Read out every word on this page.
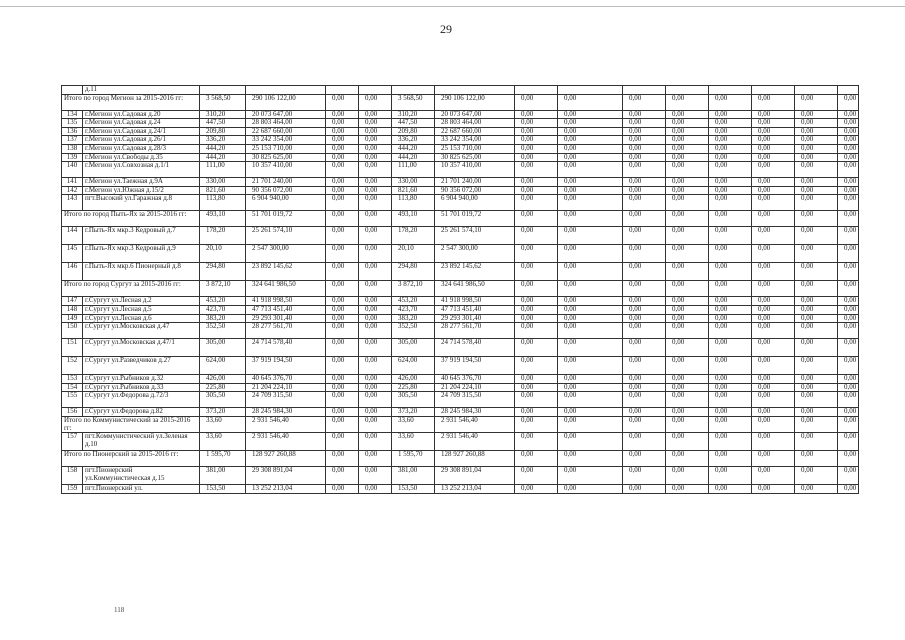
29
	д.11															
Итого по город Мегион за 2015-2016 гг:		3 568,50	290 106 122,00	0,00	0,00	3 568,50	290 106 122,00	0,00	0,00	0,00	0,00	0,00	0,00	0,00	0,00	
134	г.Мегион ул.Садовая д.20	310,20	20 073 647,00	0,00	0,00	310,20	20 073 647,00	0,00	0,00	0,00	0,00	0,00	0,00	0,00	0,00	
135	г.Мегион ул.Садовая д.24	447,50	28 803 464,00	0,00	0,00	447,50	28 803 464,00	0,00	0,00	0,00	0,00	0,00	0,00	0,00	0,00	
136	г.Мегион ул.Садовая д.24/1	209,80	22 687 660,00	0,00	0,00	209,80	22 687 660,00	0,00	0,00	0,00	0,00	0,00	0,00	0,00	0,00	
137	г.Мегион ул.Садовая д.26/1	336,20	33 242 354,00	0,00	0,00	336,20	33 242 354,00	0,00	0,00	0,00	0,00	0,00	0,00	0,00	0,00	
138	г.Мегион ул.Садовая д.28/3	444,20	25 153 710,00	0,00	0,00	444,20	25 153 710,00	0,00	0,00	0,00	0,00	0,00	0,00	0,00	0,00	
139	г.Мегион ул.Свободы д.35	444,20	30 825 625,00	0,00	0,00	444,20	30 825 625,00	0,00	0,00	0,00	0,00	0,00	0,00	0,00	0,00	
140	г.Мегион ул.Совхозная д.1/1	111,00	10 357 410,00	0,00	0,00	111,00	10 357 410,00	0,00	0,00	0,00	0,00	0,00	0,00	0,00	0,00	
141	г.Мегион ул.Таежная д.9А	330,00	21 701 240,00	0,00	0,00	330,00	21 701 240,00	0,00	0,00	0,00	0,00	0,00	0,00	0,00	0,00	
142	г.Мегион ул.Южная д.15/2	821,60	90 356 072,00	0,00	0,00	821,60	90 356 072,00	0,00	0,00	0,00	0,00	0,00	0,00	0,00	0,00	
143	пгт.Высокий ул.Гаражная д.8	113,80	6 904 940,00	0,00	0,00	113,80	6 904 940,00	0,00	0,00	0,00	0,00	0,00	0,00	0,00	0,00	
Итого по город Пыть-Ях за 2015-2016 гг:		493,10	51 701 019,72	0,00	0,00	493,10	51 701 019,72	0,00	0,00	0,00	0,00	0,00	0,00	0,00	0,00	
144	г.Пыть-Ях мкр.3 Кедровый д.7	178,20	25 261 574,10	0,00	0,00	178,20	25 261 574,10	0,00	0,00	0,00	0,00	0,00	0,00	0,00	0,00	
145	г.Пыть-Ях мкр.3 Кедровый д.9	20,10	2 547 300,00	0,00	0,00	20,10	2 547 300,00	0,00	0,00	0,00	0,00	0,00	0,00	0,00	0,00	
146	г.Пыть-Ях мкр.6 Пионерный д.8	294,80	23 892 145,62	0,00	0,00	294,80	23 892 145,62	0,00	0,00	0,00	0,00	0,00	0,00	0,00	0,00	
Итого по город Сургут за 2015-2016 гг:		3 872,10	324 641 986,50	0,00	0,00	3 872,10	324 641 986,50	0,00	0,00	0,00	0,00	0,00	0,00	0,00	0,00	
147	г.Сургут ул.Лесная д.2	453,20	41 918 998,50	0,00	0,00	453,20	41 918 998,50	0,00	0,00	0,00	0,00	0,00	0,00	0,00	0,00	
148	г.Сургут ул.Лесная д.5	423,70	47 713 451,40	0,00	0,00	423,70	47 713 451,40	0,00	0,00	0,00	0,00	0,00	0,00	0,00	0,00	
149	г.Сургут ул.Лесная д.6	383,20	29 293 301,40	0,00	0,00	383,20	29 293 301,40	0,00	0,00	0,00	0,00	0,00	0,00	0,00	0,00	
150	г.Сургут ул.Московская д.47	352,50	28 277 561,70	0,00	0,00	352,50	28 277 561,70	0,00	0,00	0,00	0,00	0,00	0,00	0,00	0,00	
151	г.Сургут ул.Московская д.47/1	305,00	24 714 578,40	0,00	0,00	305,00	24 714 578,40	0,00	0,00	0,00	0,00	0,00	0,00	0,00	0,00	
152	г.Сургут ул.Разведчиков д.27	624,00	37 919 194,50	0,00	0,00	624,00	37 919 194,50	0,00	0,00	0,00	0,00	0,00	0,00	0,00	0,00	
153	г.Сургут ул.Рыбников д.32	426,00	40 645 376,70	0,00	0,00	426,00	40 645 376,70	0,00	0,00	0,00	0,00	0,00	0,00	0,00	0,00	
154	г.Сургут ул.Рыбников д.33	225,80	21 204 224,10	0,00	0,00	225,80	21 204 224,10	0,00	0,00	0,00	0,00	0,00	0,00	0,00	0,00	
155	г.Сургут ул.Федорова д.72/3	305,50	24 709 315,50	0,00	0,00	305,50	24 709 315,50	0,00	0,00	0,00	0,00	0,00	0,00	0,00	0,00	
156	г.Сургут ул.Федорова д.82	373,20	28 245 984,30	0,00	0,00	373,20	28 245 984,30	0,00	0,00	0,00	0,00	0,00	0,00	0,00	0,00	
Итого по Коммунистический за 2015-2016 гг:		33,60	2 931 546,40	0,00	0,00	33,60	2 931 546,40	0,00	0,00	0,00	0,00	0,00	0,00	0,00	0,00	
157	пгт.Коммунистический ул.Зеленая д.10	33,60	2 931 546,40	0,00	0,00	33,60	2 931 546,40	0,00	0,00	0,00	0,00	0,00	0,00	0,00	0,00	
Итого по Пионерский за 2015-2016 гг:		1 595,70	128 927 260,88	0,00	0,00	1 595,70	128 927 260,88	0,00	0,00	0,00	0,00	0,00	0,00	0,00	0,00	
158	пгт.Пионерский ул.Коммунистическая д.15	381,00	29 308 891,04	0,00	0,00	381,00	29 308 891,04	0,00	0,00	0,00	0,00	0,00	0,00	0,00	0,00	
159	пгт.Пионерский ул.	153,50	13 252 213,04	0,00	0,00	153,50	13 252 213,04	0,00	0,00	0,00	0,00	0,00	0,00	0,00	0,00	
118
